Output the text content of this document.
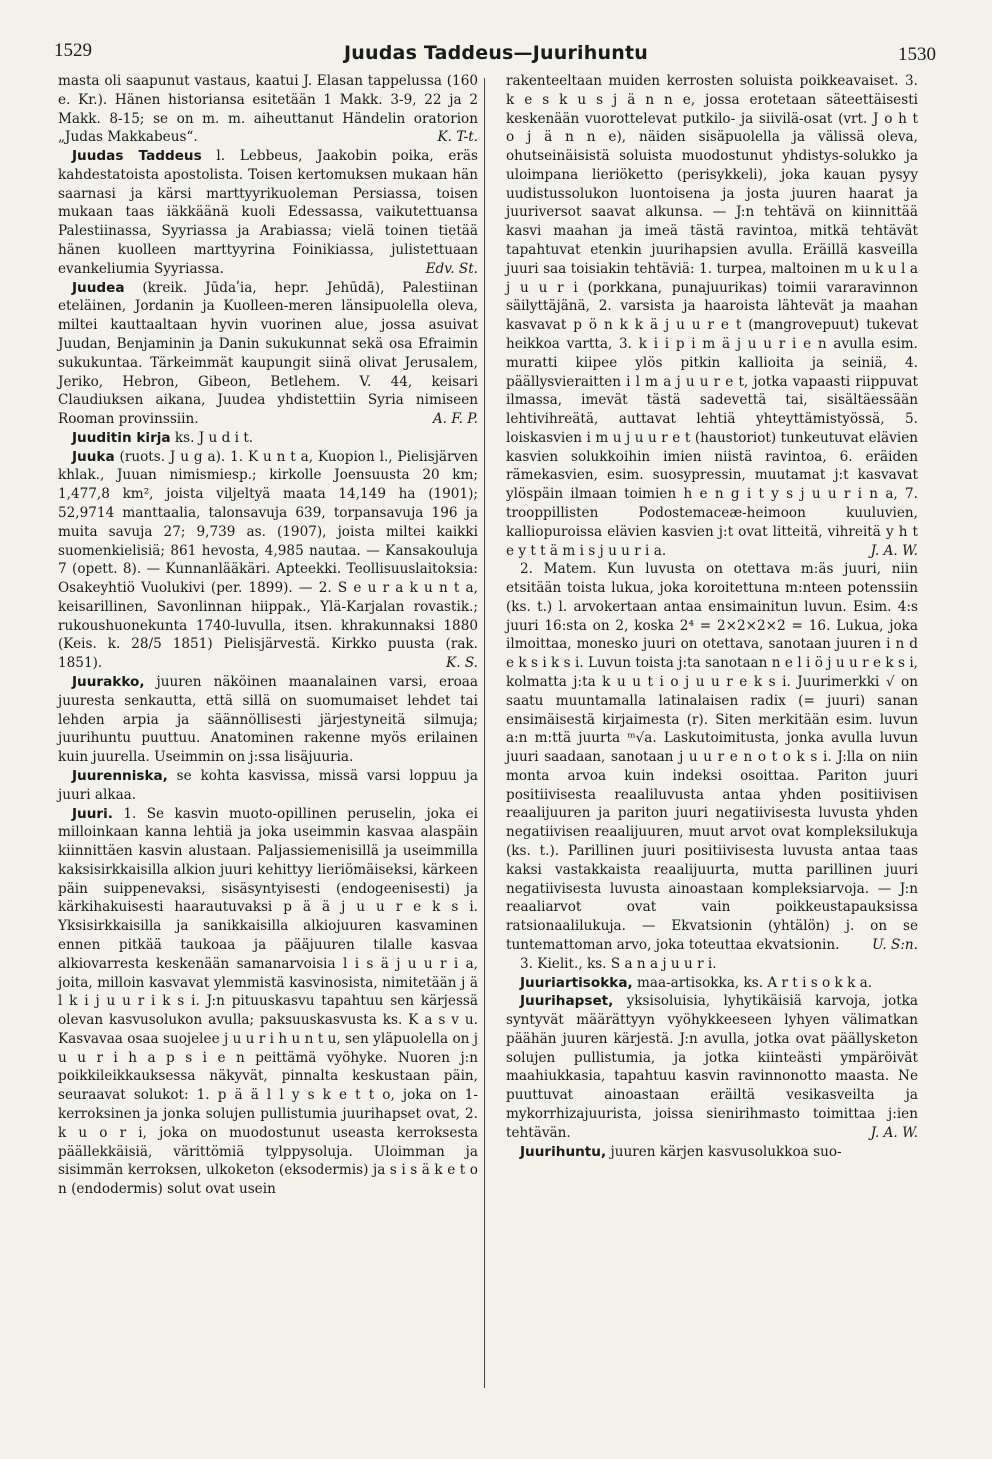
1529	Juudas Taddeus—Juurihuntu	1530

masta oli saapunut vastaus, kaatui J. Elasan tappelussa (160 e. Kr.). Hänen historiansa esitetään 1 Makk. 3-9, 22 ja 2 Makk. 8-15; se on m. m. aiheuttanut Händelin oratorion „Judas Makkabeus“.	K. T-t.

Juudas Taddeus l. Lebbeus, Jaakobin poika, eräs kahdestatoista apostolista. Toisen kertomuksen mukaan hän saarnasi ja kärsi marttyyrikuoleman Persiassa, toisen mukaan taas iäkkäänä kuoli Edessassa, vaikutettuansa Palestiinassa, Syyriassa ja Arabiassa; vielä toinen tietää hänen kuolleen marttyyrina Foinikiassa, julistettuaan evankeliumia Syyriassa.	Edv. St.

Juudea (kreik. Jūdaʹia, hepr. Jehūdā), Palestiinan eteläinen, Jordanin ja Kuolleen-meren länsipuolella oleva, miltei kauttaaltaan hyvin vuorinen alue, jossa asuivat Juudan, Benjaminin ja Danin sukukunnat sekä osa Efraimin sukukuntaa. Tärkeimmät kaupungit siinä olivat Jerusalem, Jeriko, Hebron, Gibeon, Betlehem. V. 44, keisari Claudiuksen aikana, Juudea yhdistettiin Syria nimiseen Rooman provinssiin.	A. F. P.

Juuditin kirja ks. J u d i t.

Juuka (ruots. J u g a). 1. K u n t a, Kuopion l., Pielisjärven khlak., Juuan nimismiesp.; kirkolle Joensuusta 20 km; 1,477,8 km², joista viljeltyä maata 14,149 ha (1901); 52,9714 manttaalia, talonsavuja 639, torpansavuja 196 ja muita savuja 27; 9,739 as. (1907), joista miltei kaikki suomenkielisiä; 861 hevosta, 4,985 nautaa. — Kansakouluja 7 (opett. 8). — Kunnanlääkäri. Apteekki. Teollisuuslaitoksia: Osakeyhtiö Vuolukivi (per. 1899). — 2. S e u r a k u n t a, keisarillinen, Savonlinnan hiippak., Ylä-Karjalan rovastik.; rukoushuonekunta 1740-luvulla, itsen. khrakunnaksi 1880 (Keis. k. 28/5 1851) Pielisjärvestä. Kirkko puusta (rak. 1851).	K. S.

Juurakko, juuren näköinen maanalainen varsi, eroaa juuresta senkautta, että sillä on suomumaiset lehdet tai lehden arpia ja säännöllisesti järjestyneitä silmuja; juurihuntu puuttuu. Anatominen rakenne myös erilainen kuin juurella. Useimmin on j:ssa lisäjuuria.

Juurenniska, se kohta kasvissa, missä varsi loppuu ja juuri alkaa.

Juuri. 1. Se kasvin muoto-opillinen peruselin, joka ei milloinkaan kanna lehtiä ja joka useimmin kasvaa alaspäin kiinnittäen kasvin alustaan. Paljassiemenisillä ja useimmilla kaksisirkkaisilla alkion juuri kehittyy lieriömäiseksi, kärkeen päin suippenevaksi, sisäsyntyisesti (endogeenisesti) ja kärkihakuisesti haarautuvaksi p ä ä j u u r e k s i. Yksisirkkaisilla ja sanikkaisilla alkiojuuren kasvaminen ennen pitkää taukoaa ja pääjuuren tilalle kasvaa alkiovarresta keskenään samanarvoisia l i s ä j u u r i a, joita, milloin kasvavat ylemmistä kasvinosista, nimitetään j ä l k i j u u r i k s i. J:n pituuskasvu tapahtuu sen kärjessä olevan kasvusolukon avulla; paksuuskasvusta ks. K a s v u. Kasvavaa osaa suojelee j u u r i h u n t u, sen yläpuolella on j u u r i h a p s i e n peittämä vyöhyke. Nuoren j:n poikkileikkauksessa näkyvät, pinnalta keskustaan päin, seuraavat solukot: 1. p ä ä l l y s k e t t o, joka on 1-kerroksinen ja jonka solujen pullistumia juurihapset ovat, 2. k u o r i, joka on muodostunut useasta kerroksesta päällekkäisiä, värittömiä tylppysoluja. Uloimman ja sisimmän kerroksen, ulkoketon (eksodermis) ja s i s ä k e t o n (endodermis) solut ovat usein

rakenteeltaan muiden kerrosten soluista poikkeavaiset. 3. k e s k u s j ä n n e, jossa erotetaan säteettäisesti keskenään vuorottelevat putkilo- ja siivilä-osat (vrt. J o h t o j ä n n e), näiden sisäpuolella ja välissä oleva, ohutseinäisistä soluista muodostunut yhdistys-solukko ja uloimpana lieriöketto (perisykkeli), joka kauan pysyy uudistussolukon luontoisena ja josta juuren haarat ja juuriversot saavat alkunsa. — J:n tehtävä on kiinnittää kasvi maahan ja imeä tästä ravintoa, mitkä tehtävät tapahtuvat etenkin juurihapsien avulla. Eräillä kasveilla juuri saa toisiakin tehtäviä: 1. turpea, maltoinen m u k u l a j u u r i (porkkana, punajuurikas) toimii vararavinnon säilyttäjänä, 2. varsista ja haaroista lähtevät ja maahan kasvavat p ö n k k ä j u u r e t (mangrovepuut) tukevat heikkoa vartta, 3. k i i p i m ä j u u r i e n avulla esim. muratti kiipee ylös pitkin kallioita ja seiniä, 4. päällysvieraitten i l m a j u u r e t, jotka vapaasti riippuvat ilmassa, imevät tästä sadevettä tai, sisältäessään lehtivihreätä, auttavat lehtiä yhteyttämistyössä, 5. loiskasvien i m u j u u r e t (haustoriot) tunkeutuvat elävien kasvien solukkoihin imien niistä ravintoa, 6. eräiden rämekasvien, esim. suosypressin, muutamat j:t kasvavat ylöspäin ilmaan toimien h e n g i t y s j u u r i n a, 7. trooppillisten Podostemaceæ-heimoon kuuluvien, kalliopuroissa elävien kasvien j:t ovat litteitä, vihreitä y h t e y t t ä m i s j u u r i a.	J. A. W.

2. Matem. Kun luvusta on otettava m:äs juuri, niin etsitään toista lukua, joka koroitettuna m:nteen potenssiin (ks. t.) l. arvokertaan antaa ensimainitun luvun. Esim. 4:s juuri 16:sta on 2, koska 2⁴ = 2×2×2×2 = 16. Lukua, joka ilmoittaa, monesko juuri on otettava, sanotaan juuren i n d e k s i k s i. Luvun toista j:ta sanotaan n e l i ö j u u r e k s i, kolmatta j:ta k u u t i o j u u r e k s i. Juurimerkki √ on saatu muuntamalla latinalaisen radix (= juuri) sanan ensimäisestä kirjaimesta (r). Siten merkitään esim. luvun a:n m:ttä juurta ᵐ√a. Laskutoimitusta, jonka avulla luvun juuri saadaan, sanotaan j u u r e n o t o k s i. J:lla on niin monta arvoa kuin indeksi osoittaa. Pariton juuri positiivisesta reaaliluvusta antaa yhden positiivisen reaalijuuren ja pariton juuri negatiivisesta luvusta yhden negatiivisen reaalijuuren, muut arvot ovat kompleksilukuja (ks. t.). Parillinen juuri positiivisesta luvusta antaa taas kaksi vastakkaista reaalijuurta, mutta parillinen juuri negatiivisesta luvusta ainoastaan kompleksiarvoja. — J:n reaaliarvot ovat vain poikkeustapauksissa ratsionaalilukuja. — Ekvatsionin (yhtälön) j. on se tuntemattoman arvo, joka toteuttaa ekvatsionin.	U. S:n.

3. Kielit., ks. S a n a j u u r i.

Juuriartisokka, maa-artisokka, ks. A r t i s o k k a.

Juurihapset, yksisoluisia, lyhytikäisiä karvoja, jotka syntyvät määrättyyn vyöhykkeeseen lyhyen välimatkan päähän juuren kärjestä. J:n avulla, jotka ovat päällysketon solujen pullistumia, ja jotka kiinteästi ympäröivät maahiukkasia, tapahtuu kasvin ravinnonotto maasta. Ne puuttuvat ainoastaan eräiltä vesikasveilta ja mykorrhizajuurista, joissa sienirihmasto toimittaa j:ien tehtävän.	J. A. W.

Juurihuntu, juuren kärjen kasvusolukkoa suo-
